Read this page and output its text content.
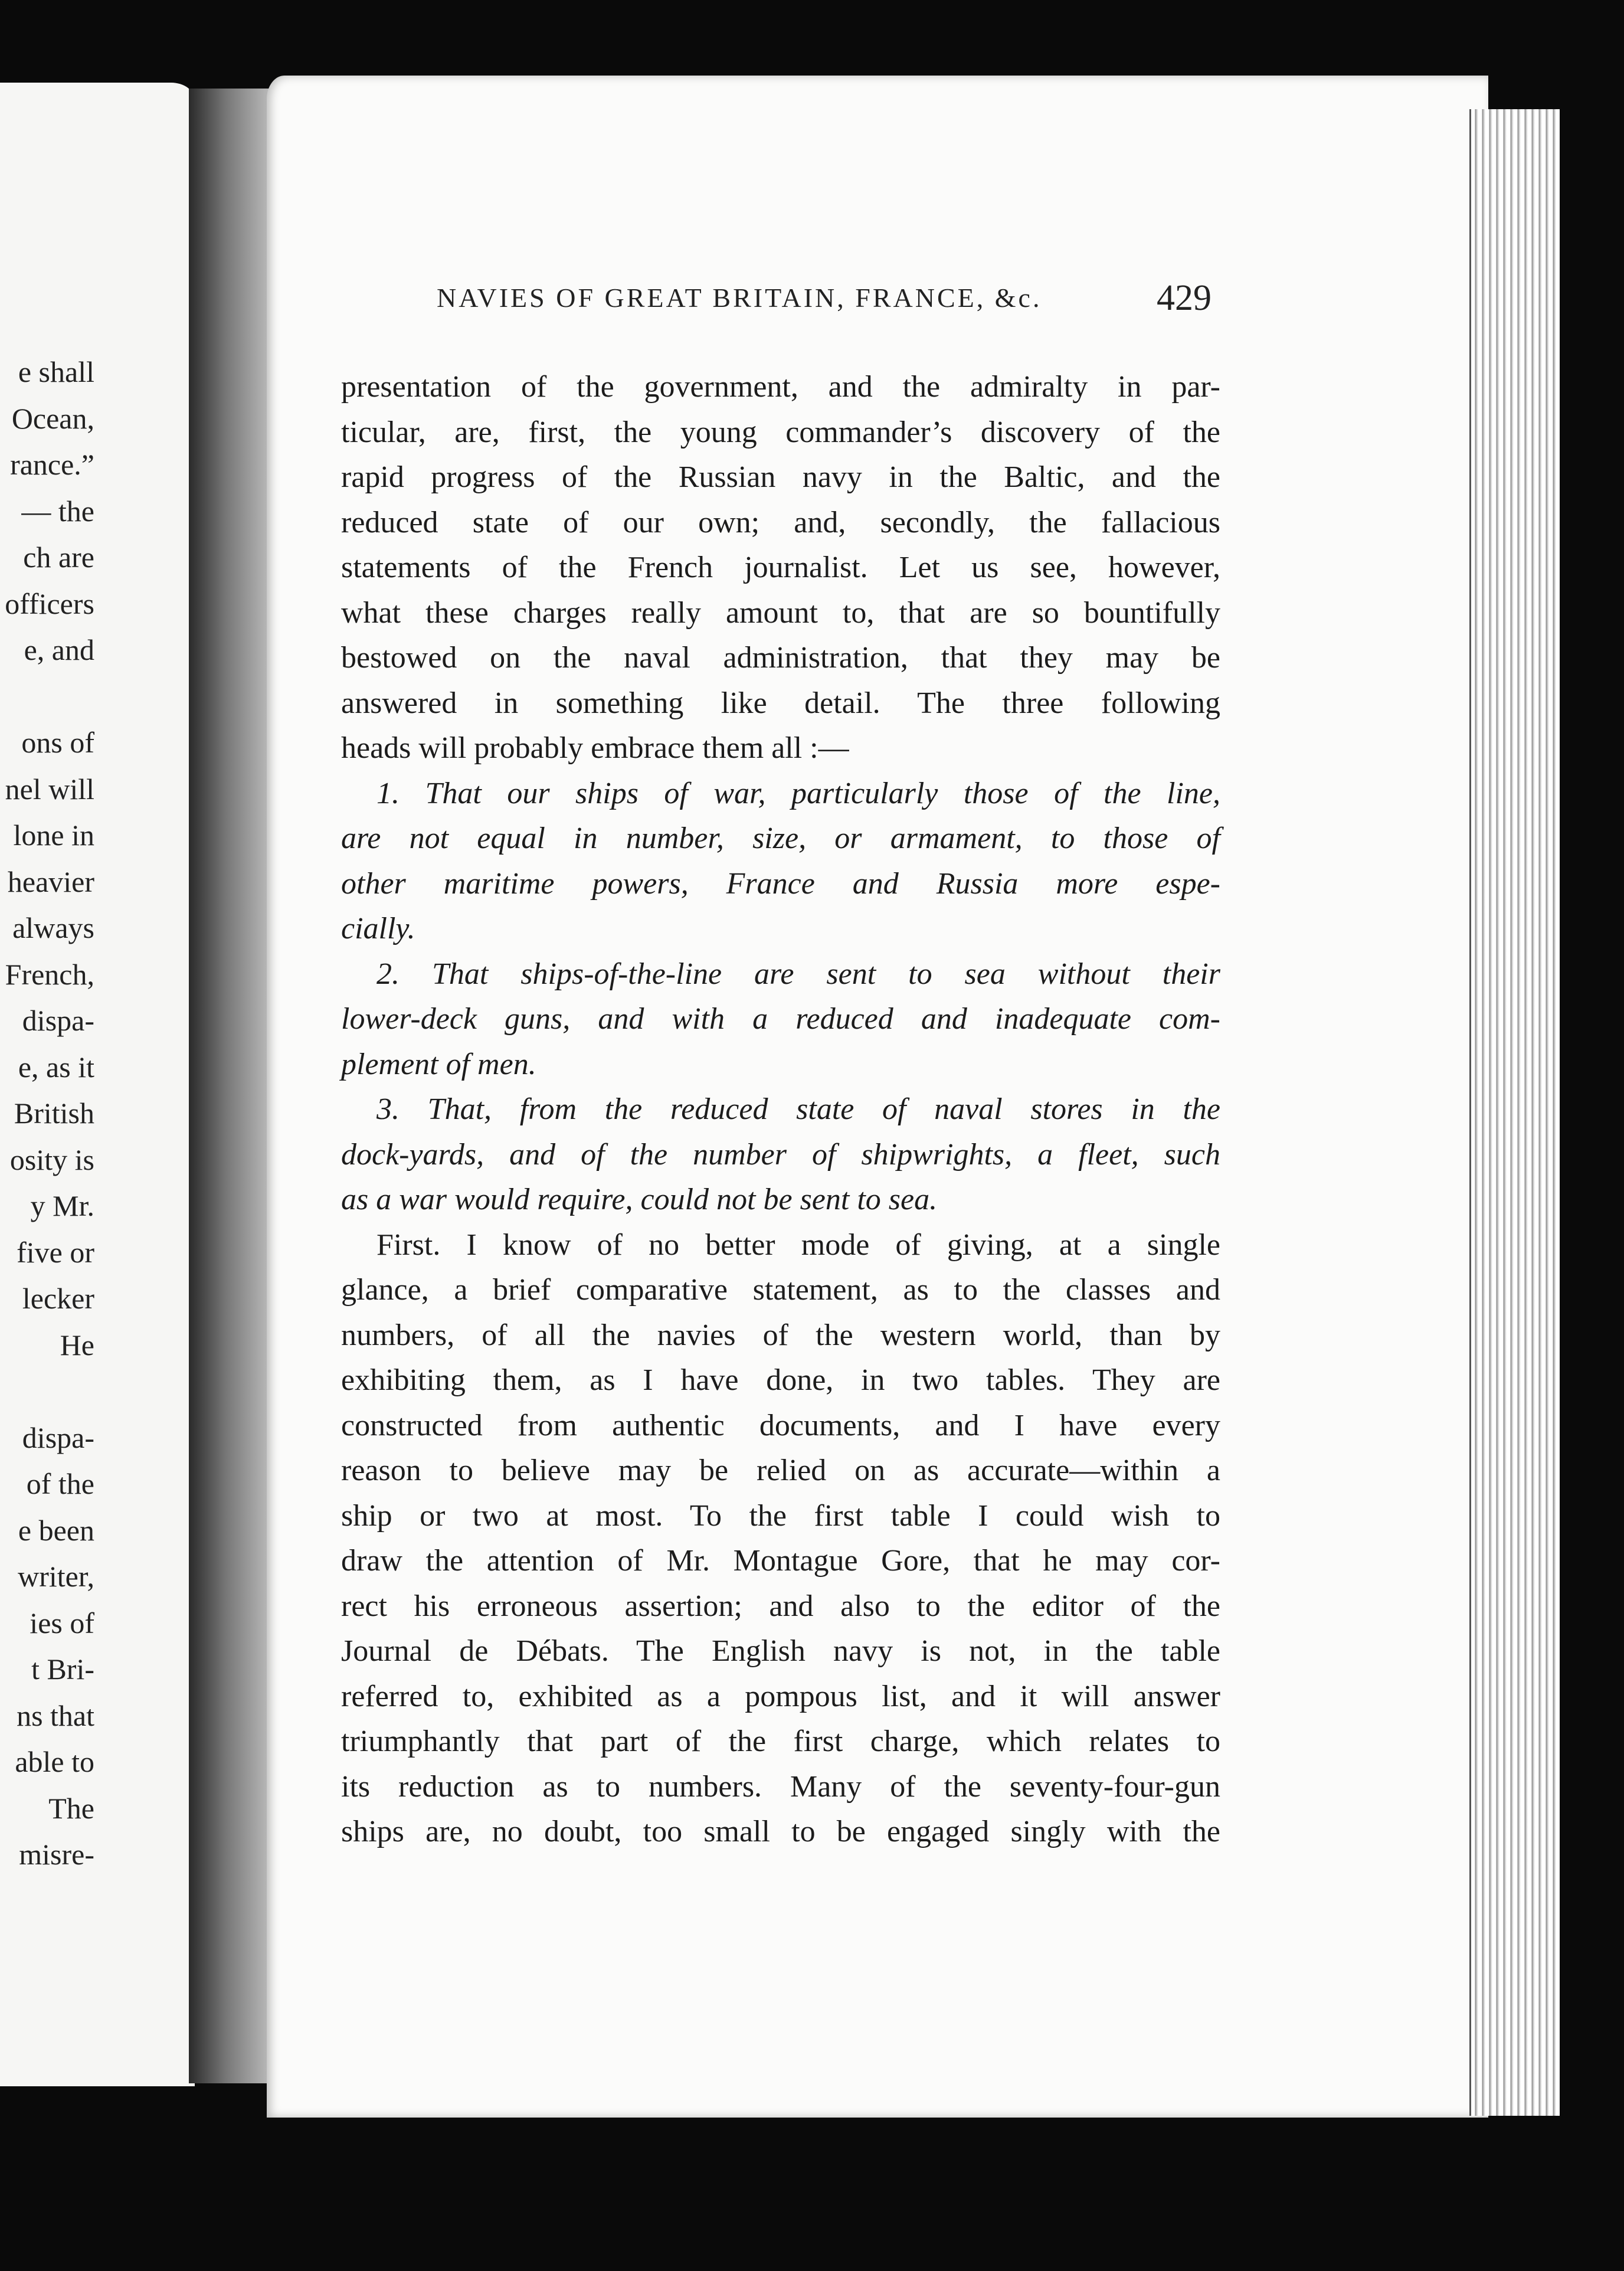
e shall
Ocean,
rance.”
— the
ch are
officers
e, and
ons of
nel will
lone in
heavier
always
French,
dispa-
e, as it
British
osity is
y Mr.
five or
lecker
He
dispa-
of the
e been
writer,
ies of
t Bri-
ns that
able to
The
misre-
NAVIES OF GREAT BRITAIN, FRANCE, &c.	429
presentation of the government, and the admiralty in par-
ticular, are, first, the young commander’s discovery of the
rapid progress of the Russian navy in the Baltic, and the
reduced state of our own; and, secondly, the fallacious
statements of the French journalist. Let us see, however,
what these charges really amount to, that are so bountifully
bestowed on the naval administration, that they may be
answered in something like detail. The three following
heads will probably embrace them all :—
1. That our ships of war, particularly those of the line,
are not equal in number, size, or armament, to those of
other maritime powers, France and Russia more espe-
cially.
2. That ships-of-the-line are sent to sea without their
lower-deck guns, and with a reduced and inadequate com-
plement of men.
3. That, from the reduced state of naval stores in the
dock-yards, and of the number of shipwrights, a fleet, such
as a war would require, could not be sent to sea.
First. I know of no better mode of giving, at a single
glance, a brief comparative statement, as to the classes and
numbers, of all the navies of the western world, than by
exhibiting them, as I have done, in two tables. They are
constructed from authentic documents, and I have every
reason to believe may be relied on as accurate—within a
ship or two at most. To the first table I could wish to
draw the attention of Mr. Montague Gore, that he may cor-
rect his erroneous assertion; and also to the editor of the
Journal de Débats. The English navy is not, in the table
referred to, exhibited as a pompous list, and it will answer
triumphantly that part of the first charge, which relates to
its reduction as to numbers. Many of the seventy-four-gun
ships are, no doubt, too small to be engaged singly with the
